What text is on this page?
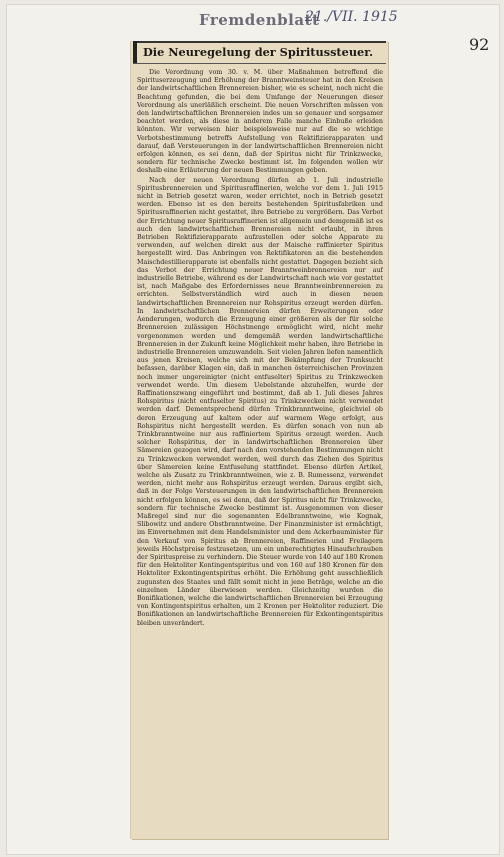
Fremdenblatt
21./VII. 1915
92
Die Neuregelung der Spiritussteuer.

Die Verordnung vom 30. v. M. über Maßnahmen betreffend die Spirituserzeugung und Erhöhung der Branntweinsteuer hat in den Kreisen der landwirtschaftlichen Brennereien bisher, wie es scheint, noch nicht die Beachtung gefunden, die bei dem Umfange der Neuerungen dieser Verordnung als unerläßlich erscheint. Die neuen Vorschriften müssen von den landwirtschaftlichen Brennereien indes um so genauer und sorgsamer beachtet werden, als diese in anderem Falle manche Einbuße erleiden könnten. Wir verweisen hier beispielsweise nur auf die so wichtige Verbotsbestimmung betreffs Aufstellung von Rektifizierapparaten und darauf, daß Versteuerungen in der landwirtschaftlichen Brennereien nicht erfolgen können, es sei denn, daß der Spiritus nicht für Trinkzwecke, sondern für technische Zwecke bestimmt ist. Im folgenden wollen wir deshalb eine Erläuterung der neuen Bestimmungen geben.

Nach der neuen Verordnung dürfen ab 1. Juli industrielle Spiritusbrennereien und Spiritusraffinerien, welche vor dem 1. Juli 1915 nicht in Betrieb gesetzt waren, weder errichtet, noch in Betrieb gesetzt werden. Ebenso ist es den bereits bestehenden Spiritusfabriken und Spiritusraffinerien nicht gestattet, ihre Betriebe zu vergrößern. Das Verbot der Errichtung neuer Spiritusraffinerien ist allgemein und demgemäß ist es auch den landwirtschaftlichen Brennereien nicht erlaubt, in ihren Betrieben Rektifizierapparate aufzustellen oder solche Apparate zu verwenden, auf welchen direkt aus der Maische raffinierter Spiritus hergestellt wird. Das Anbringen von Rektifikatoren an die bestehenden Maischdestillierapparate ist ebenfalls nicht gestattet. Dagegen bezieht sich das Verbot der Errichtung neuer Branntweinbrennereien nur auf industrielle Betriebe, während es der Landwirtschaft nach wie vor gestattet ist, nach Maßgabe des Erfordernisses neue Branntweinbrennereien zu errichten. Selbstverständlich wird auch in diesen neuen landwirtschaftlichen Brennereien nur Rohspiritus erzeugt werden dürfen. In landwirtschaftlichen Brennereien dürfen Erweiterungen oder Aenderungen, wodurch die Erzeugung einer größeren als der für solche Brennereien zulässigen Höchstmenge ermöglicht wird, nicht mehr vorgenommen werden und demgemäß werden landwirtschaftliche Brennereien in der Zukunft keine Möglichkeit mehr haben, ihre Betriebe in industrielle Brennereien umzuwandeln. Seit vielen Jahren liefen namentlich aus jenen Kreisen, welche sich mit der Bekämpfung der Trunksucht befassen, darüber Klagen ein, daß in manchen österreichischen Provinzen noch immer ungereinigter (nicht entfuselter) Spiritus zu Trinkzwecken verwendet werde. Um diesem Uebelstande abzuhelfen, wurde der Raffinationszwang eingeführt und bestimmt, daß ab 1. Juli dieses Jahres Rohspiritus (nicht entfuselter Spiritus) zu Trinkzwecken nicht verwendet werden darf. Dementsprechend dürfen Trinkbranntweine, gleichviel ob deren Erzeugung auf kaltem oder auf warmem Wege erfolgt, aus Rohspiritus nicht hergestellt werden. Es dürfen sonach von nun ab Trinkbranntweine nur aus raffiniertem Spiritus erzeugt werden. Auch solcher Rohspiritus, der in landwirtschaftlichen Brennereien über Sämereien gezogen wird, darf nach den vorstehenden Bestimmungen nicht zu Trinkzwecken verwendet werden, weil durch das Ziehen des Spiritus über Sämereien keine Entfuselung stattfindet. Ebenso dürfen Artikel, welche als Zusatz zu Trinkbranntweinen, wie z. B. Rumessenz, verwendet werden, nicht mehr aus Rohspiritus erzeugt werden. Daraus ergibt sich, daß in der Folge Versteuerungen in den landwirtschaftlichen Brennereien nicht erfolgen können, es sei denn, daß der Spiritus nicht für Trinkzwecke, sondern für technische Zwecke bestimmt ist. Ausgenommen von dieser Maßregel sind nur die sogenannten Edelbranntweine, wie Kognak, Slibowitz und andere Obstbranntweine. Der Finanzminister ist ermächtigt, im Einvernehmen mit dem Handelsminister und dem Ackerbauminister für den Verkauf von Spiritus ab Brennereien, Raffinerien und Freilagern jeweils Höchstpreise festzusetzen, um ein unberechtigtes Hinaufschrauben der Spirituspreise zu verhindern. Die Steuer wurde von 140 auf 180 Kronen für den Hektoliter Kontingentspiritus und von 160 auf 180 Kronen für den Hektoliter Exkontingentspiritus erhöht. Die Erhöhung geht ausschließlich zugunsten des Staates und fällt somit nicht in jene Beträge, welche an die einzelnen Länder überwiesen werden. Gleichzeitig wurden die Bonifikationen, welche die landwirtschaftlichen Brennereien bei Erzeugung von Kontingentspiritus erhalten, um 2 Kronen per Hektoliter reduziert. Die Bonifikationen an landwirtschaftliche Brennereien für Exkontingentspiritus bleiben unverändert.
